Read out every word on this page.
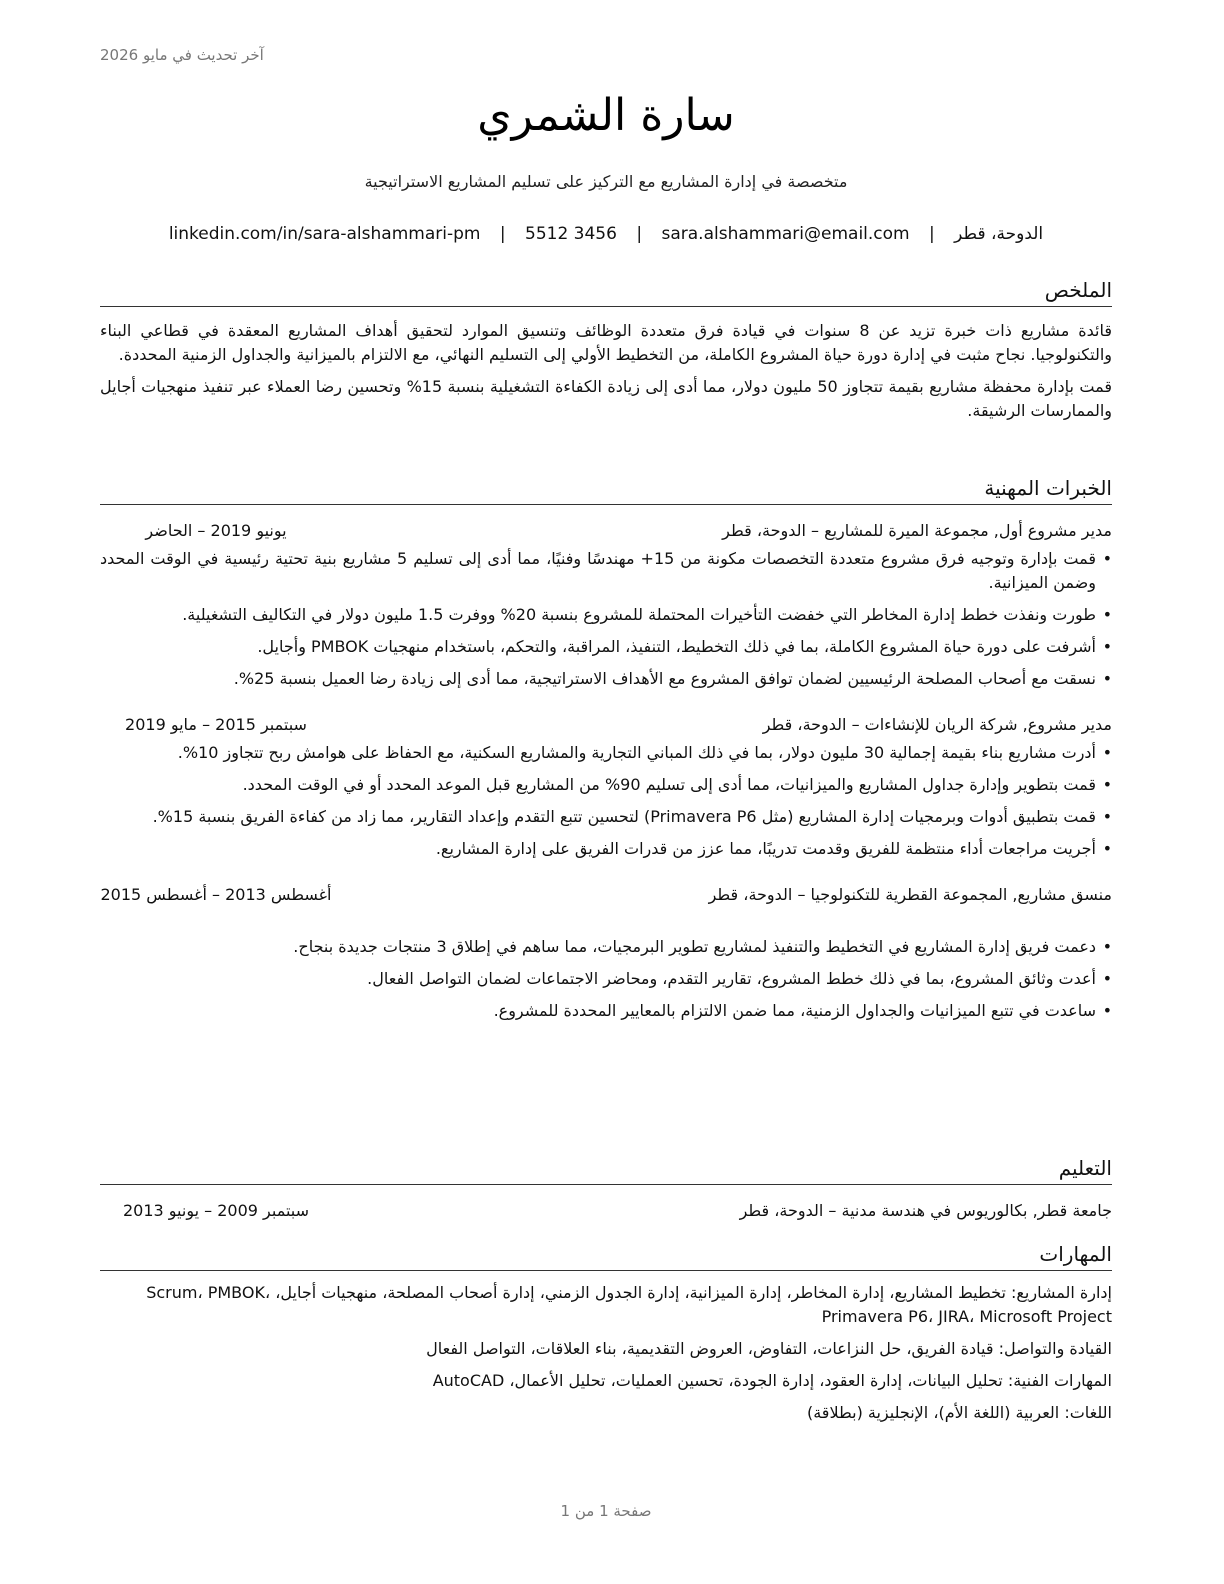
آخر تحديث في مايو 2026
سارة الشمري
متخصصة في إدارة المشاريع مع التركيز على تسليم المشاريع الاستراتيجية
الدوحة، قطر | sara.alshammari@email.com | 5512 3456 | linkedin.com/in/sara-alshammari-pm
الملخص

قائدة مشاريع ذات خبرة تزيد عن 8 سنوات في قيادة فرق متعددة الوظائف وتنسيق الموارد لتحقيق أهداف المشاريع المعقدة في قطاعي البناء والتكنولوجيا. نجاح مثبت في إدارة دورة حياة المشروع الكاملة، من التخطيط الأولي إلى التسليم النهائي، مع الالتزام بالميزانية والجداول الزمنية المحددة.

قمت بإدارة محفظة مشاريع بقيمة تتجاوز 50 مليون دولار، مما أدى إلى زيادة الكفاءة التشغيلية بنسبة 15% وتحسين رضا العملاء عبر تنفيذ منهجيات أجايل والممارسات الرشيقة.

الخبرات المهنية
مدير مشروع أول, مجموعة الميرة للمشاريع – الدوحة، قطر
يونيو 2019 – الحاضر
• قمت بإدارة وتوجيه فرق مشروع متعددة التخصصات مكونة من 15+ مهندسًا وفنيًا، مما أدى إلى تسليم 5 مشاريع بنية تحتية رئيسية في الوقت المحدد وضمن الميزانية.
• طورت ونفذت خطط إدارة المخاطر التي خفضت التأخيرات المحتملة للمشروع بنسبة 20% ووفرت 1.5 مليون دولار في التكاليف التشغيلية.
• أشرفت على دورة حياة المشروع الكاملة، بما في ذلك التخطيط، التنفيذ، المراقبة، والتحكم، باستخدام منهجيات PMBOK وأجايل.
• نسقت مع أصحاب المصلحة الرئيسيين لضمان توافق المشروع مع الأهداف الاستراتيجية، مما أدى إلى زيادة رضا العميل بنسبة 25%.
مدير مشروع, شركة الريان للإنشاءات – الدوحة، قطر
سبتمبر 2015 – مايو 2019
• أدرت مشاريع بناء بقيمة إجمالية 30 مليون دولار، بما في ذلك المباني التجارية والمشاريع السكنية، مع الحفاظ على هوامش ربح تتجاوز 10%.
• قمت بتطوير وإدارة جداول المشاريع والميزانيات، مما أدى إلى تسليم 90% من المشاريع قبل الموعد المحدد أو في الوقت المحدد.
• قمت بتطبيق أدوات وبرمجيات إدارة المشاريع (مثل Primavera P6) لتحسين تتبع التقدم وإعداد التقارير، مما زاد من كفاءة الفريق بنسبة 15%.
• أجريت مراجعات أداء منتظمة للفريق وقدمت تدريبًا، مما عزز من قدرات الفريق على إدارة المشاريع.
منسق مشاريع, المجموعة القطرية للتكنولوجيا – الدوحة، قطر
أغسطس 2013 – أغسطس 2015
• دعمت فريق إدارة المشاريع في التخطيط والتنفيذ لمشاريع تطوير البرمجيات، مما ساهم في إطلاق 3 منتجات جديدة بنجاح.
• أعدت وثائق المشروع، بما في ذلك خطط المشروع، تقارير التقدم، ومحاضر الاجتماعات لضمان التواصل الفعال.
• ساعدت في تتبع الميزانيات والجداول الزمنية، مما ضمن الالتزام بالمعايير المحددة للمشروع.
التعليم
جامعة قطر, بكالوريوس في هندسة مدنية – الدوحة، قطر
سبتمبر 2009 – يونيو 2013
المهارات

إدارة المشاريع: تخطيط المشاريع، إدارة المخاطر، إدارة الميزانية، إدارة الجدول الزمني، إدارة أصحاب المصلحة، منهجيات أجايل، Scrum، PMBOK، Primavera P6، JIRA، Microsoft Project

القيادة والتواصل: قيادة الفريق، حل النزاعات، التفاوض، العروض التقديمية، بناء العلاقات، التواصل الفعال

المهارات الفنية: تحليل البيانات، إدارة العقود، إدارة الجودة، تحسين العمليات، تحليل الأعمال، AutoCAD

اللغات: العربية (اللغة الأم)، الإنجليزية (بطلاقة)

صفحة 1 من 1
